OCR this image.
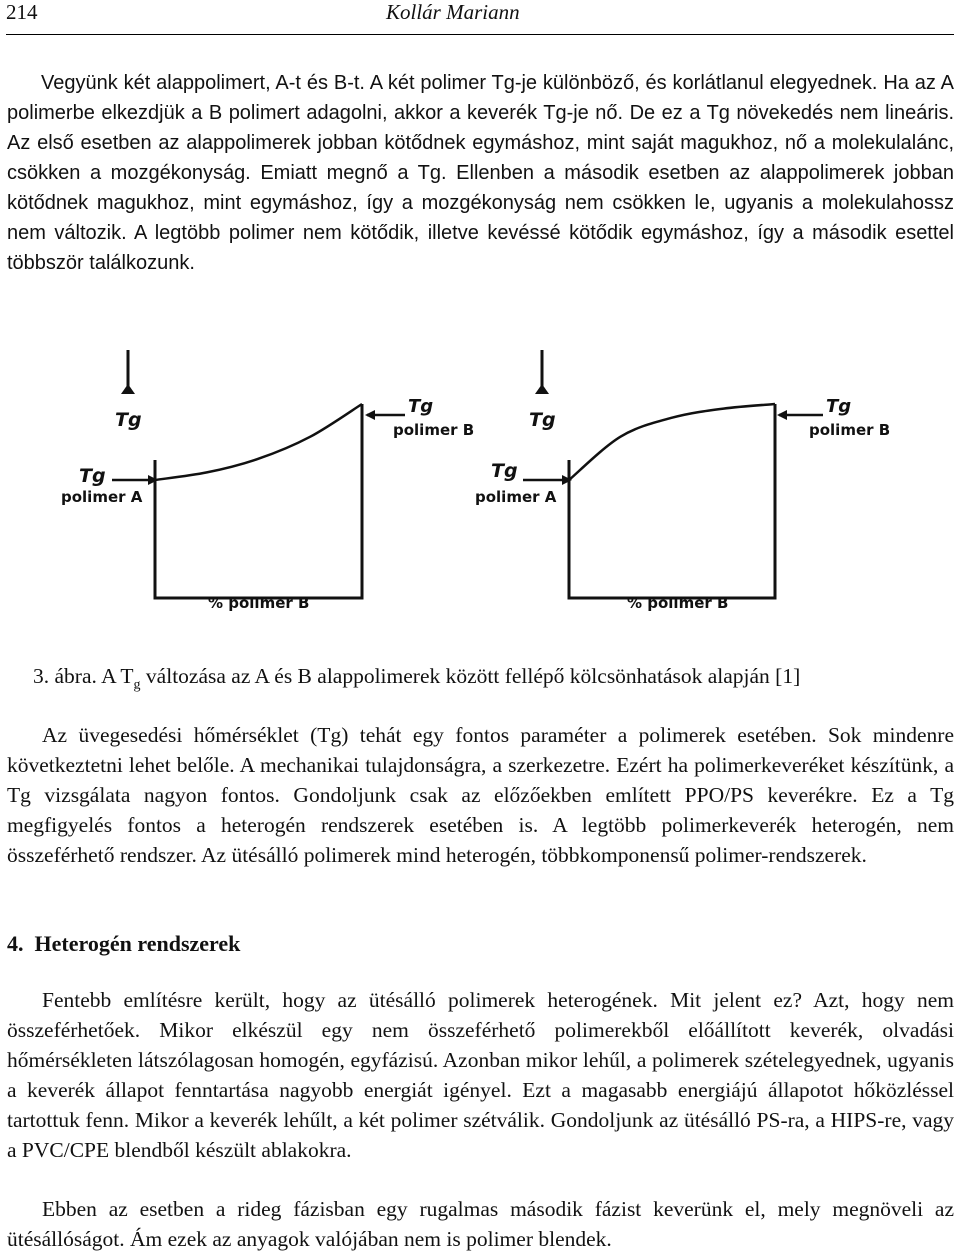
214	Kollár Mariann

Vegyünk két alappolimert, A-t és B-t. A két polimer Tg-je különböző, és korlátlanul elegyednek. Ha az A polimerbe elkezdjük a B polimert adagolni, akkor a keverék Tg-je nő. De ez a Tg növekedés nem lineáris. Az első esetben az alappolimerek jobban kötődnek egymáshoz, mint saját magukhoz, nő a molekulalánc, csökken a mozgékonyság. Emiatt megnő a Tg. Ellenben a második esetben az alappolimerek jobban kötődnek magukhoz, mint egymáshoz, így a mozgékonyság nem csökken le, ugyanis a molekulahossz nem változik. A legtöbb polimer nem kötődik, illetve kevéssé kötődik egymáshoz, így a második esettel többször találkozunk.

Tg
Tg
polimer A
Tg
polimer B
% polimer B
Tg
Tg
polimer A
Tg
polimer B
% polimer B
3. ábra. A $T_g$ változása az A és B alappolimerek között fellépő kölcsönhatások alapján [1]

Az üvegesedési hőmérséklet (Tg) tehát egy fontos paraméter a polimerek esetében. Sok mindenre következtetni lehet belőle. A mechanikai tulajdonságra, a szerkezetre. Ezért ha polimerkeveréket készítünk, a Tg vizsgálata nagyon fontos. Gondoljunk csak az előzőekben említett PPO/PS keverékre. Ez a Tg megfigyelés fontos a heterogén rendszerek esetében is. A legtöbb polimerkeverék heterogén, nem összeférhető rendszer. Az ütésálló polimerek mind heterogén, többkomponensű polimer-rendszerek.

4. Heterogén rendszerek

Fentebb említésre került, hogy az ütésálló polimerek heterogének. Mit jelent ez? Azt, hogy nem összeférhetőek. Mikor elkészül egy nem összeférhető polimerekből előállított keverék, olvadási hőmérsékleten látszólagosan homogén, egyfázisú. Azonban mikor lehűl, a polimerek szételegyednek, ugyanis a keverék állapot fenntartása nagyobb energiát igényel. Ezt a magasabb energiájú állapotot hőközléssel tartottuk fenn. Mikor a keverék lehűlt, a két polimer szétválik. Gondoljunk az ütésálló PS-ra, a HIPS-re, vagy a PVC/CPE blendből készült ablakokra.

Ebben az esetben a rideg fázisban egy rugalmas második fázist keverünk el, mely megnöveli az ütésállóságot. Ám ezek az anyagok valójában nem is polimer blendek.
